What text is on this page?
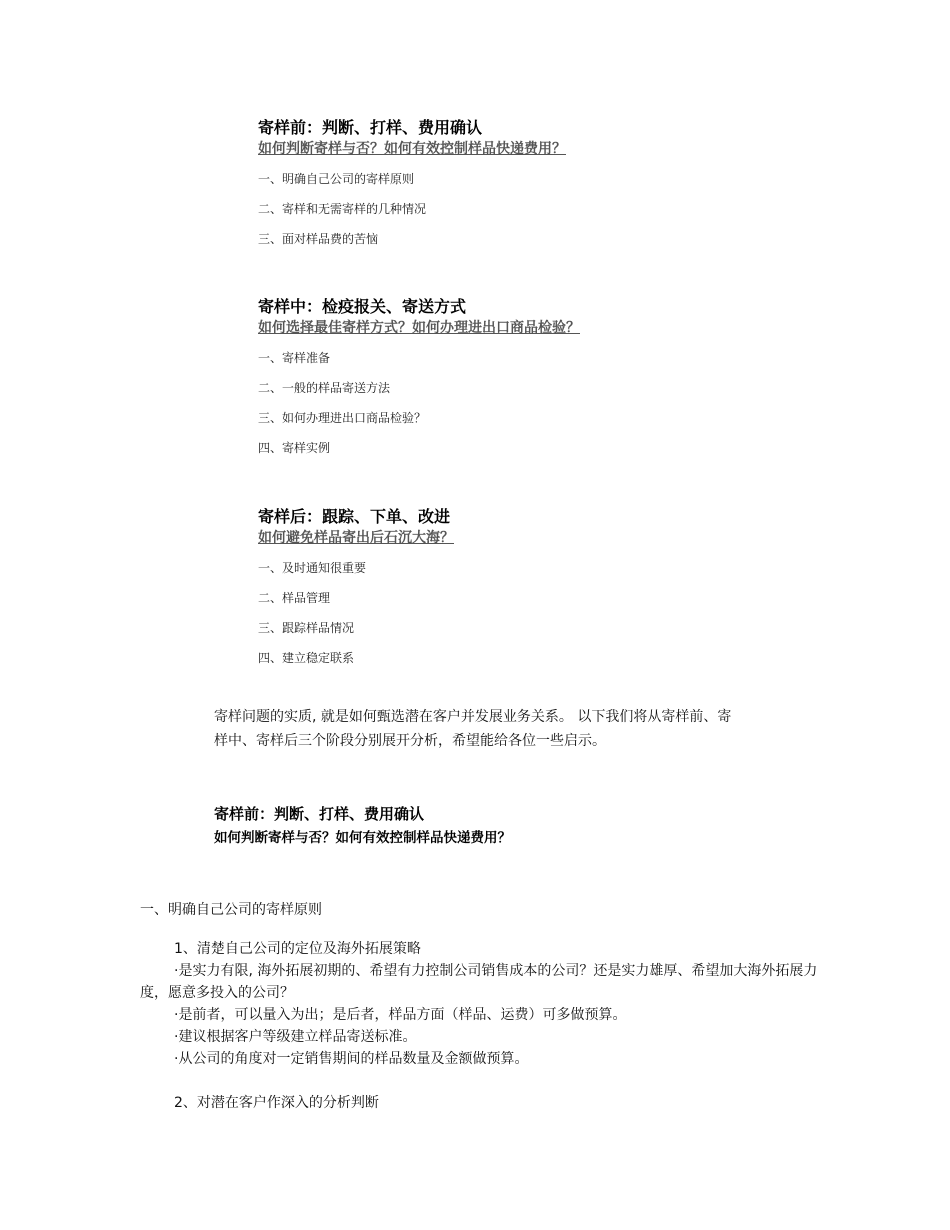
寄样前：判断、打样、费用确认
如何判断寄样与否？如何有效控制样品快递费用？
一、明确自己公司的寄样原则
二、寄样和无需寄样的几种情况
三、面对样品费的苦恼
寄样中：检疫报关、寄送方式
如何选择最佳寄样方式？如何办理进出口商品检验？
一、寄样准备
二、一般的样品寄送方法
三、如何办理进出口商品检验？
四、寄样实例
寄样后：跟踪、下单、改进
如何避免样品寄出后石沉大海？
一、及时通知很重要
二、样品管理
三、跟踪样品情况
四、建立稳定联系

寄样问题的实质, 就是如何甄选潜在客户并发展业务关系。 以下我们将从寄样前、寄样中、寄样后三个阶段分别展开分析，希望能给各位一些启示。

寄样前：判断、打样、费用确认
如何判断寄样与否？如何有效控制样品快递费用？
一、明确自己公司的寄样原则
1、清楚自己公司的定位及海外拓展策略

·是实力有限, 海外拓展初期的、希望有力控制公司销售成本的公司？还是实力雄厚、希望加大海外拓展力度，愿意多投入的公司？

·是前者，可以量入为出；是后者，样品方面（样品、运费）可多做预算。

·建议根据客户等级建立样品寄送标准。

·从公司的角度对一定销售期间的样品数量及金额做预算。

2、对潜在客户作深入的分析判断
